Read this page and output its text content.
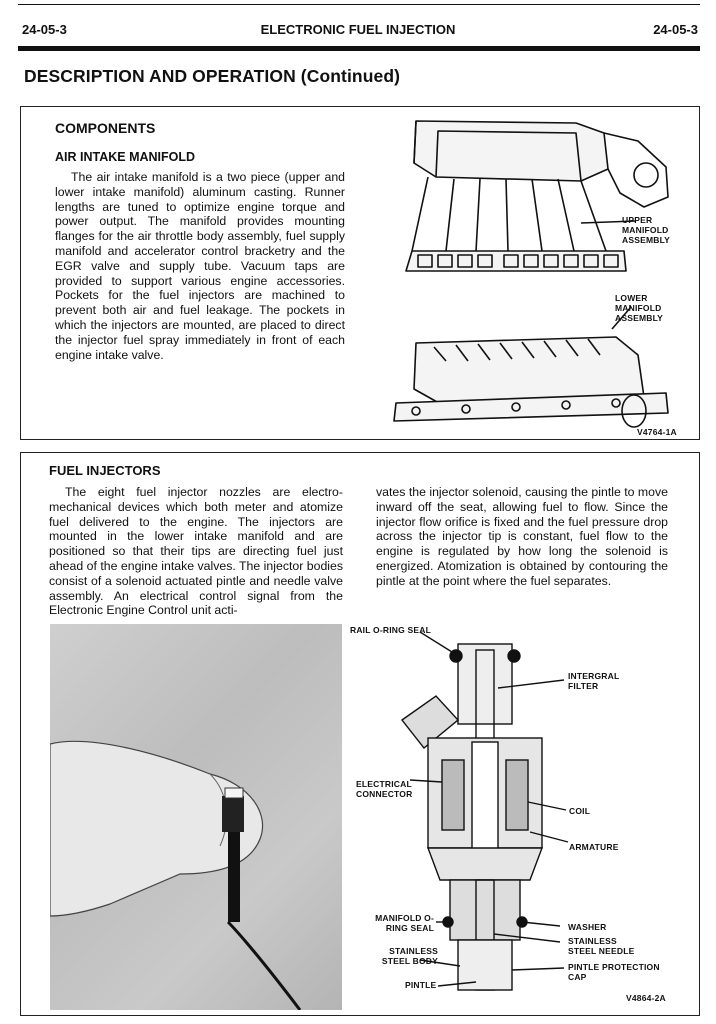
24-05-3	ELECTRONIC FUEL INJECTION	24-05-3
DESCRIPTION AND OPERATION (Continued)
COMPONENTS
AIR INTAKE MANIFOLD

The air intake manifold is a two piece (upper and lower intake manifold) aluminum casting. Runner lengths are tuned to optimize engine torque and power output. The manifold provides mounting flanges for the air throttle body assembly, fuel supply manifold and accelerator control bracketry and the EGR valve and supply tube. Vacuum taps are provided to support various engine accessories. Pockets for the fuel injectors are machined to prevent both air and fuel leakage. The pockets in which the injectors are mounted, are placed to direct the injector fuel spray immediately in front of each engine intake valve.

UPPER MANIFOLD ASSEMBLY
LOWER MANIFOLD ASSEMBLY
V4764-1A
FUEL INJECTORS

The eight fuel injector nozzles are electro-mechanical devices which both meter and atomize fuel delivered to the engine. The injectors are mounted in the lower intake manifold and are positioned so that their tips are directing fuel just ahead of the engine intake valves. The injector bodies consist of a solenoid actuated pintle and needle valve assembly. An electrical control signal from the Electronic Engine Control unit acti-

vates the injector solenoid, causing the pintle to move inward off the seat, allowing fuel to flow. Since the injector flow orifice is fixed and the fuel pressure drop across the injector tip is constant, fuel flow to the engine is regulated by how long the solenoid is energized. Atomization is obtained by contouring the pintle at the point where the fuel separates.

RAIL O-RING SEAL
INTERGRAL FILTER
ELECTRICAL CONNECTOR
COIL
ARMATURE
MANIFOLD O-RING SEAL	WASHER
STAINLESS STEEL NEEDLE
STAINLESS STEEL BODY
PINTLE PROTECTION CAP
PINTLE
V4864-2A
